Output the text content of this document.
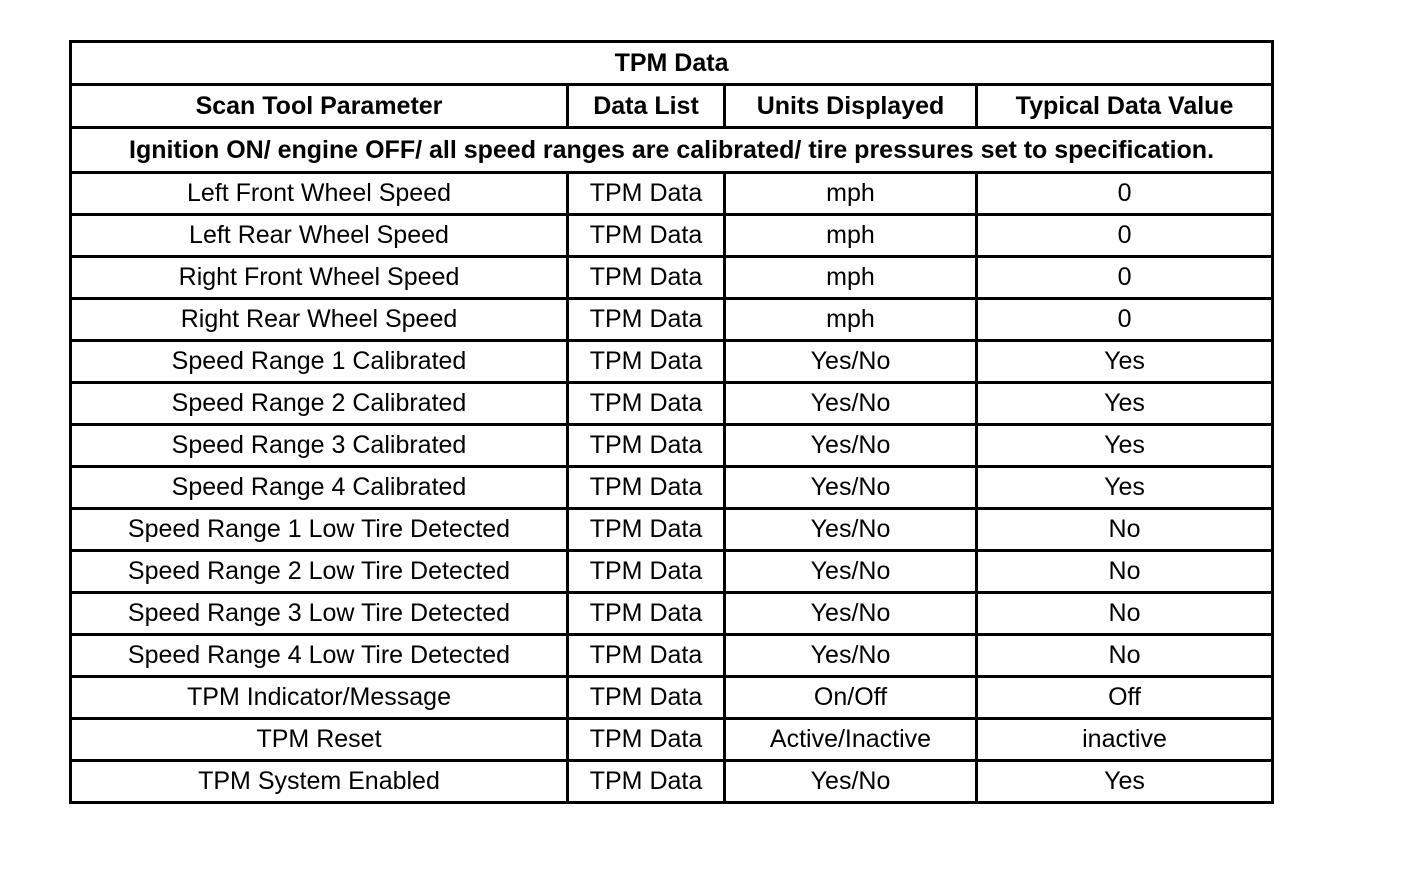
TPM Data			
Scan Tool Parameter	Data List	Units Displayed	Typical Data Value
Ignition ON/ engine OFF/ all speed ranges are calibrated/ tire pressures set to specification.			
Left Front Wheel Speed	TPM Data	mph	0
Left Rear Wheel Speed	TPM Data	mph	0
Right Front Wheel Speed	TPM Data	mph	0
Right Rear Wheel Speed	TPM Data	mph	0
Speed Range 1 Calibrated	TPM Data	Yes/No	Yes
Speed Range 2 Calibrated	TPM Data	Yes/No	Yes
Speed Range 3 Calibrated	TPM Data	Yes/No	Yes
Speed Range 4 Calibrated	TPM Data	Yes/No	Yes
Speed Range 1 Low Tire Detected	TPM Data	Yes/No	No
Speed Range 2 Low Tire Detected	TPM Data	Yes/No	No
Speed Range 3 Low Tire Detected	TPM Data	Yes/No	No
Speed Range 4 Low Tire Detected	TPM Data	Yes/No	No
TPM Indicator/Message	TPM Data	On/Off	Off
TPM Reset	TPM Data	Active/Inactive	inactive
TPM System Enabled	TPM Data	Yes/No	Yes
